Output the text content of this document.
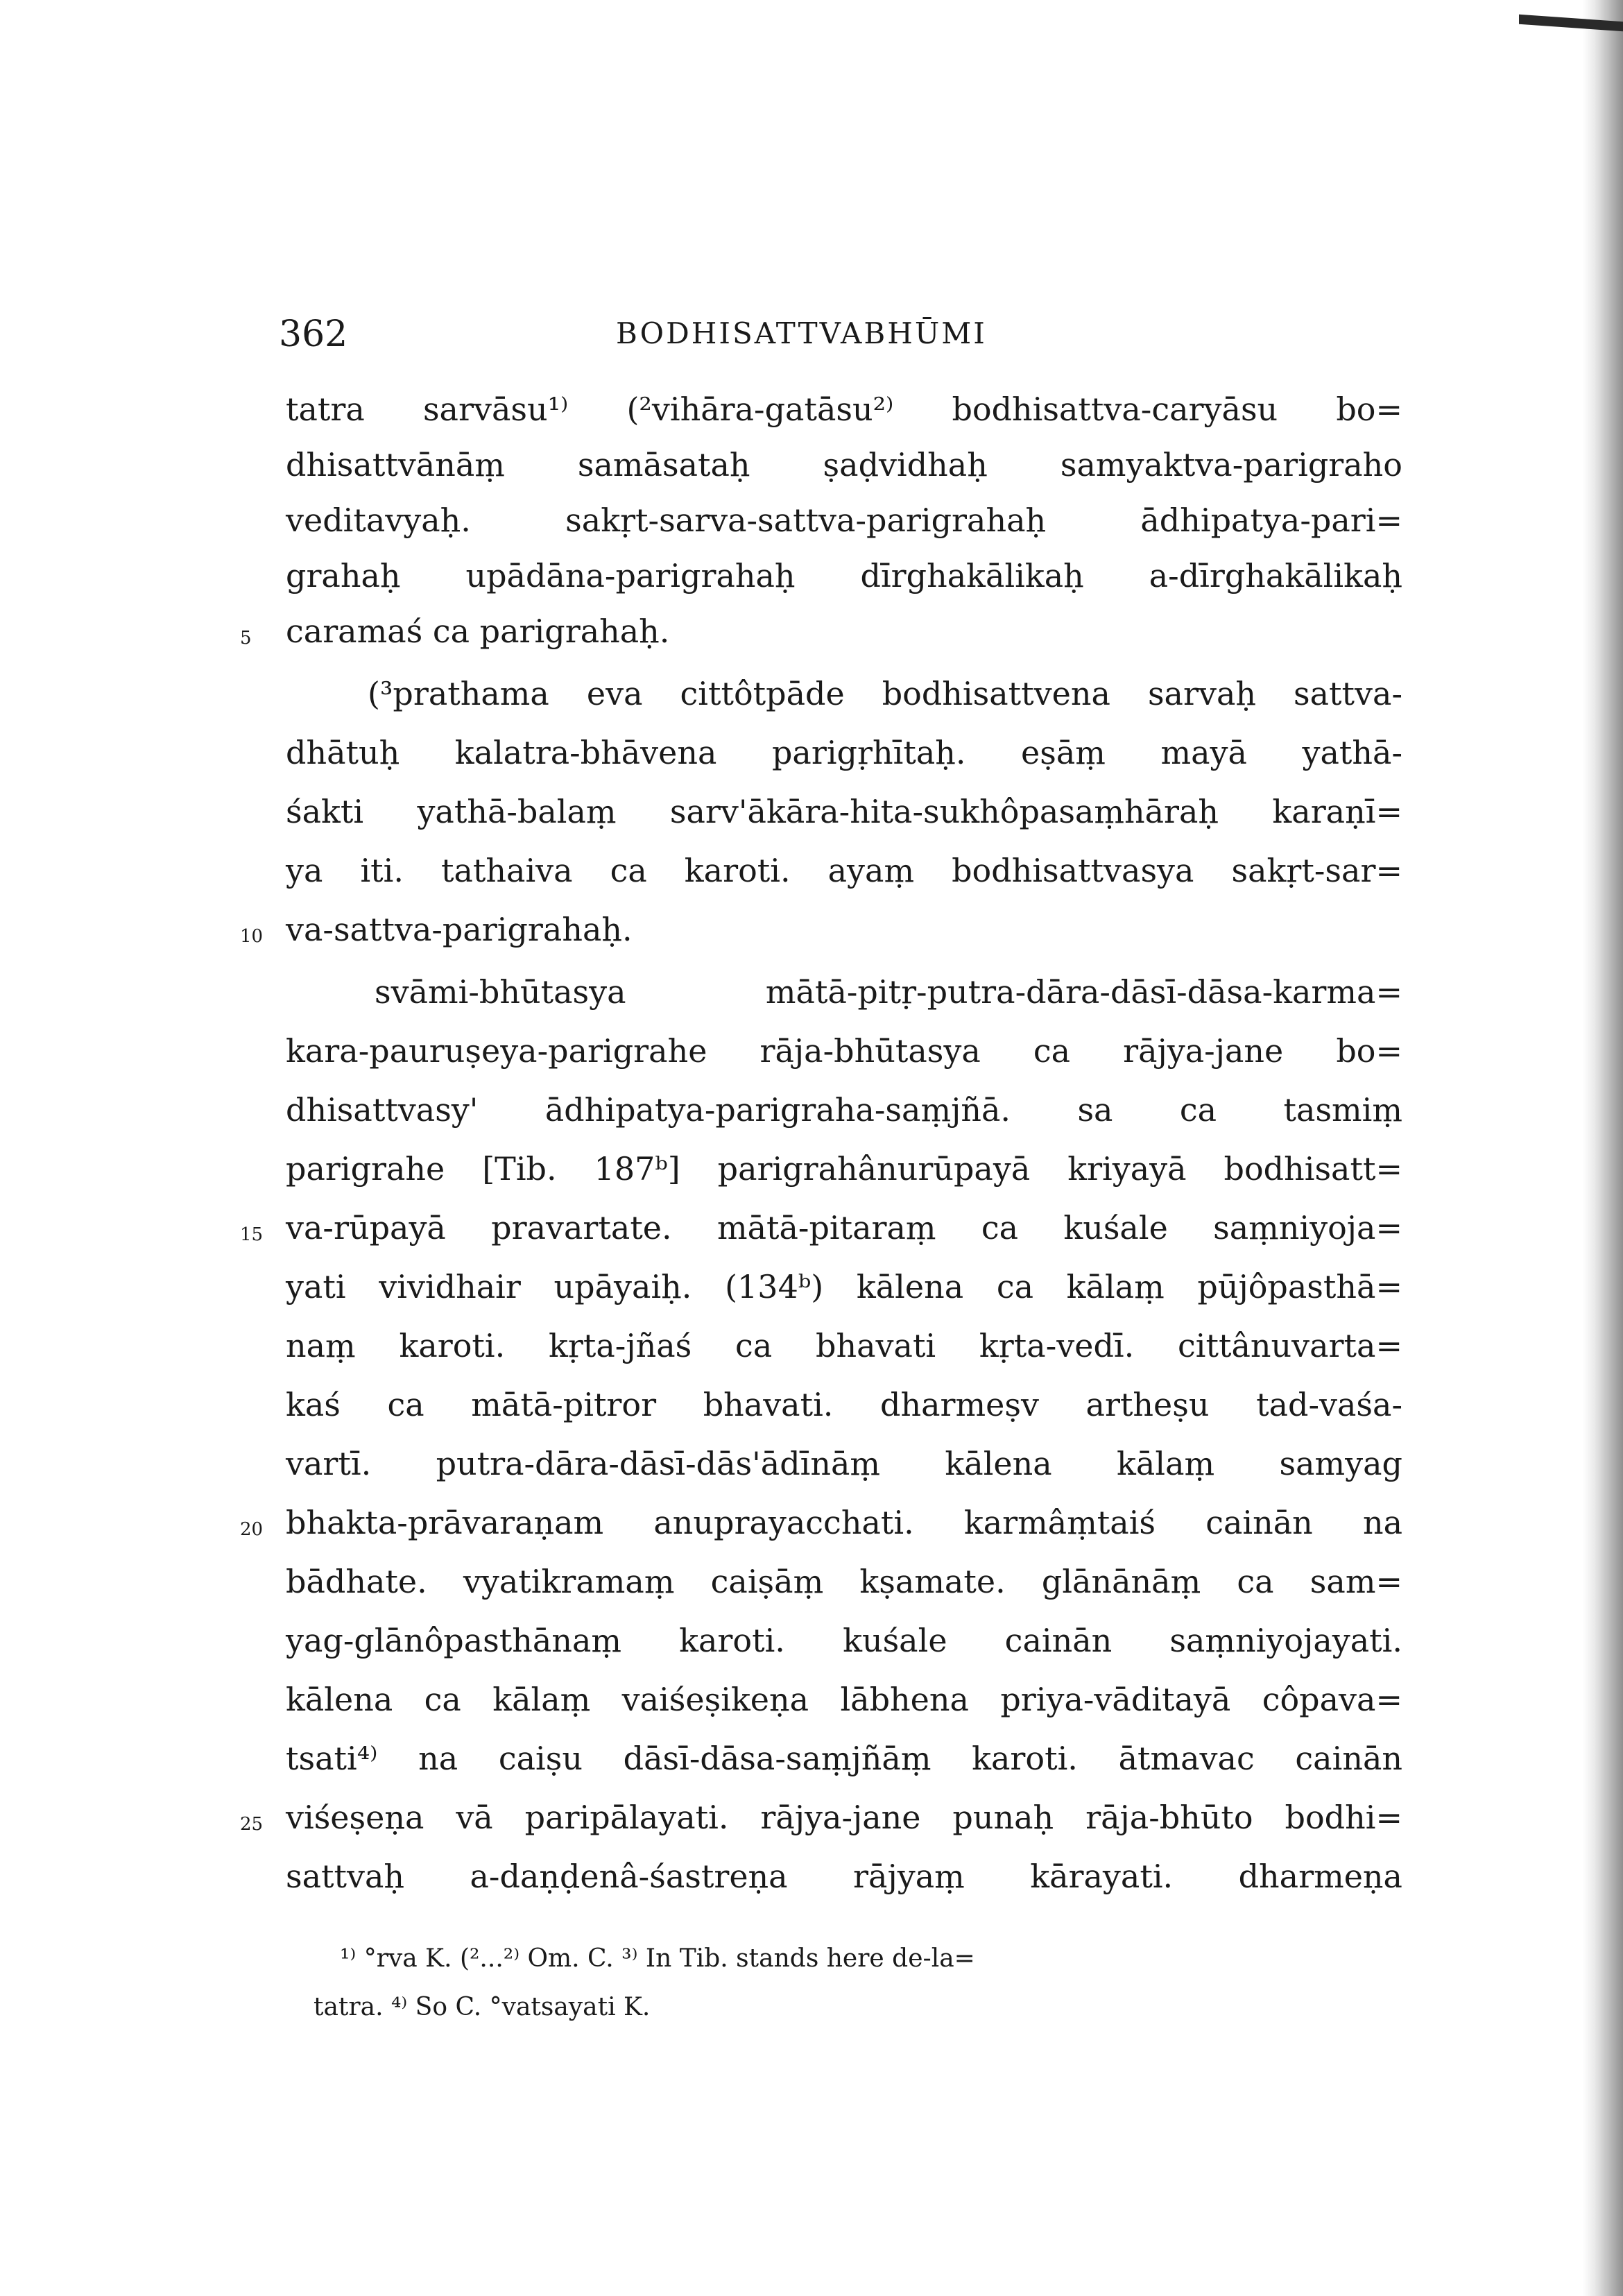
362	BODHISATTVABHŪMI
tatra sarvāsu¹⁾ (²vihāra-gatāsu²⁾ bodhisattva-caryāsu bo=
dhisattvānāṃ samāsataḥ ṣaḍvidhaḥ samyaktva-parigraho
veditavyaḥ. sakṛt-sarva-sattva-parigrahaḥ ādhipatya-pari=
grahaḥ upādāna-parigrahaḥ dīrghakālikaḥ a-dīrghakālikaḥ
caramaś ca parigrahaḥ.
(³prathama eva cittôtpāde bodhisattvena sarvaḥ sattva-
dhātuḥ kalatra-bhāvena parigṛhītaḥ. eṣāṃ mayā yathā-
śakti yathā-balaṃ sarv'ākāra-hita-sukhôpasaṃhāraḥ karaṇī=
ya iti. tathaiva ca karoti. ayaṃ bodhisattvasya sakṛt-sar=
va-sattva-parigrahaḥ.
svāmi-bhūtasya mātā-pitṛ-putra-dāra-dāsī-dāsa-karma=
kara-pauruṣeya-parigrahe rāja-bhūtasya ca rājya-jane bo=
dhisattvasy' ādhipatya-parigraha-saṃjñā. sa ca tasmiṃ
parigrahe [Tib. 187ᵇ] parigrahânurūpayā kriyayā bodhisatt=
va-rūpayā pravartate. mātā-pitaraṃ ca kuśale saṃniyoja=
yati vividhair upāyaiḥ. (134ᵇ) kālena ca kālaṃ pūjôpasthā=
naṃ karoti. kṛta-jñaś ca bhavati kṛta-vedī. cittânuvarta=
kaś ca mātā-pitror bhavati. dharmeṣv artheṣu tad-vaśa-
vartī. putra-dāra-dāsī-dās'ādīnāṃ kālena kālaṃ samyag
bhakta-prāvaraṇam anuprayacchati. karmâṃtaiś cainān na
bādhate. vyatikramaṃ caiṣāṃ kṣamate. glānānāṃ ca sam=
yag-glānôpasthānaṃ karoti. kuśale cainān saṃniyojayati.
kālena ca kālaṃ vaiśeṣikeṇa lābhena priya-vāditayā côpava=
tsati⁴⁾ na caiṣu dāsī-dāsa-saṃjñāṃ karoti. ātmavac cainān
viśeṣeṇa vā paripālayati. rājya-jane punaḥ rāja-bhūto bodhi=
sattvaḥ a-daṇḍenâ-śastreṇa rājyaṃ kārayati. dharmeṇa
5
10
15
20
25
¹⁾ °rva K. (²...²⁾ Om. C. ³⁾ In Tib. stands here de-la=
tatra. ⁴⁾ So C. °vatsayati K.
